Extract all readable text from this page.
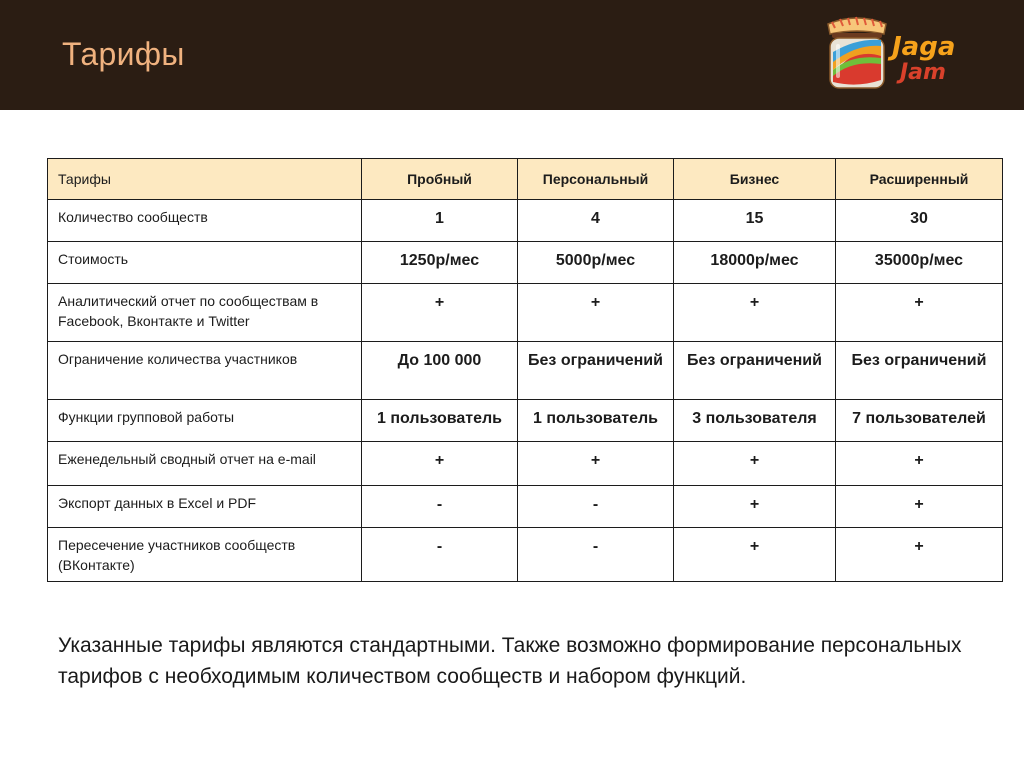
Тарифы	Jaga
Jam
Тарифы	Пробный	Персональный	Бизнес	Расширенный
Количество сообществ	1	4	15	30
Стоимость	1250р/мес	5000р/мес	18000р/мес	35000р/мес
Аналитический отчет по сообществам в Facebook, Вконтакте и Twitter	+	+	+	+
Ограничение количества участников	До 100 000	Без ограничений	Без ограничений	Без ограничений
Функции групповой работы	1 пользователь	1 пользователь	3 пользователя	7 пользователей
Еженедельный сводный отчет на e-mail	+	+	+	+
Экспорт данных в Excel и PDF	-	-	+	+
Пересечение участников сообществ (ВКонтакте)	-	-	+	+
Указанные тарифы являются стандартными. Также возможно формирование персональных тарифов с необходимым количеством сообществ и набором функций.
